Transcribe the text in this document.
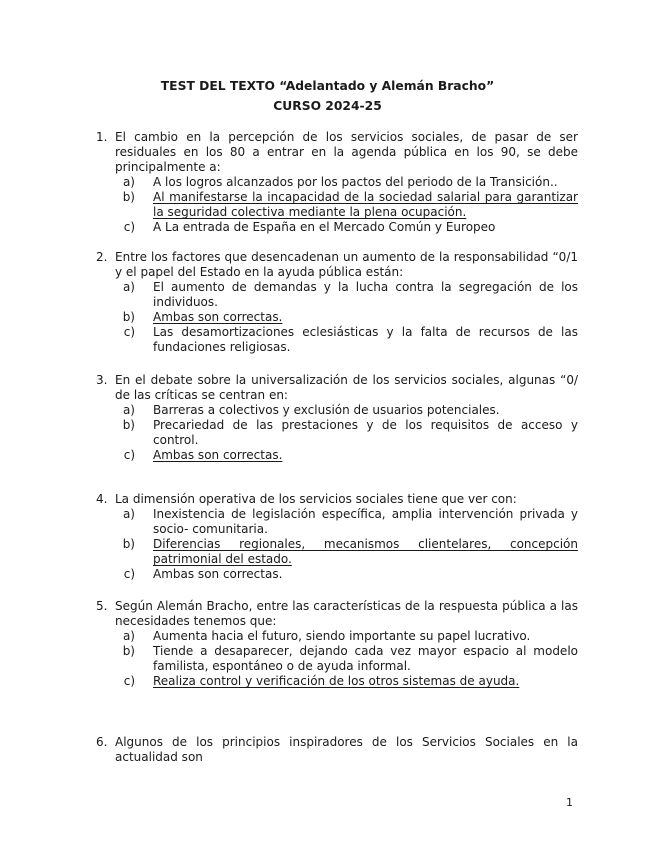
TEST DEL TEXTO “Adelantado y Alemán Bracho”
CURSO 2024-25
1. El cambio en la percepción de los servicios sociales, de pasar de ser residuales en los 80 a entrar en la agenda pública en los 90, se debe principalmente a:
a)	A los logros alcanzados por los pactos del periodo de la Transición..
b)	Al manifestarse la incapacidad de la sociedad salarial para garantizar la seguridad colectiva mediante la plena ocupación.
c)	A La entrada de España en el Mercado Común y Europeo
2. Entre los factores que desencadenan un aumento de la responsabilidad “0/1 y el papel del Estado en la ayuda pública están:
a)	El aumento de demandas y la lucha contra la segregación de los individuos.
b)	Ambas son correctas.
c)	Las desamortizaciones eclesiásticas y la falta de recursos de las fundaciones religiosas.
3. En el debate sobre la universalización de los servicios sociales, algunas “0/ de las críticas se centran en:
a)	Barreras a colectivos y exclusión de usuarios potenciales.
b)	Precariedad de las prestaciones y de los requisitos de acceso y control.
c)	Ambas son correctas.
4. La dimensión operativa de los servicios sociales tiene que ver con:
a)	Inexistencia de legislación específica, amplia intervención privada y socio- comunitaria.
b)	Diferencias regionales, mecanismos clientelares, concepción patrimonial del estado.
c)	Ambas son correctas.
5. Según Alemán Bracho, entre las características de la respuesta pública a las necesidades tenemos que:
a)	Aumenta hacia el futuro, siendo importante su papel lucrativo.
b)	Tiende a desaparecer, dejando cada vez mayor espacio al modelo familista, espontáneo o de ayuda informal.
c)	Realiza control y verificación de los otros sistemas de ayuda.
6. Algunos de los principios inspiradores de los Servicios Sociales en la actualidad son
1
